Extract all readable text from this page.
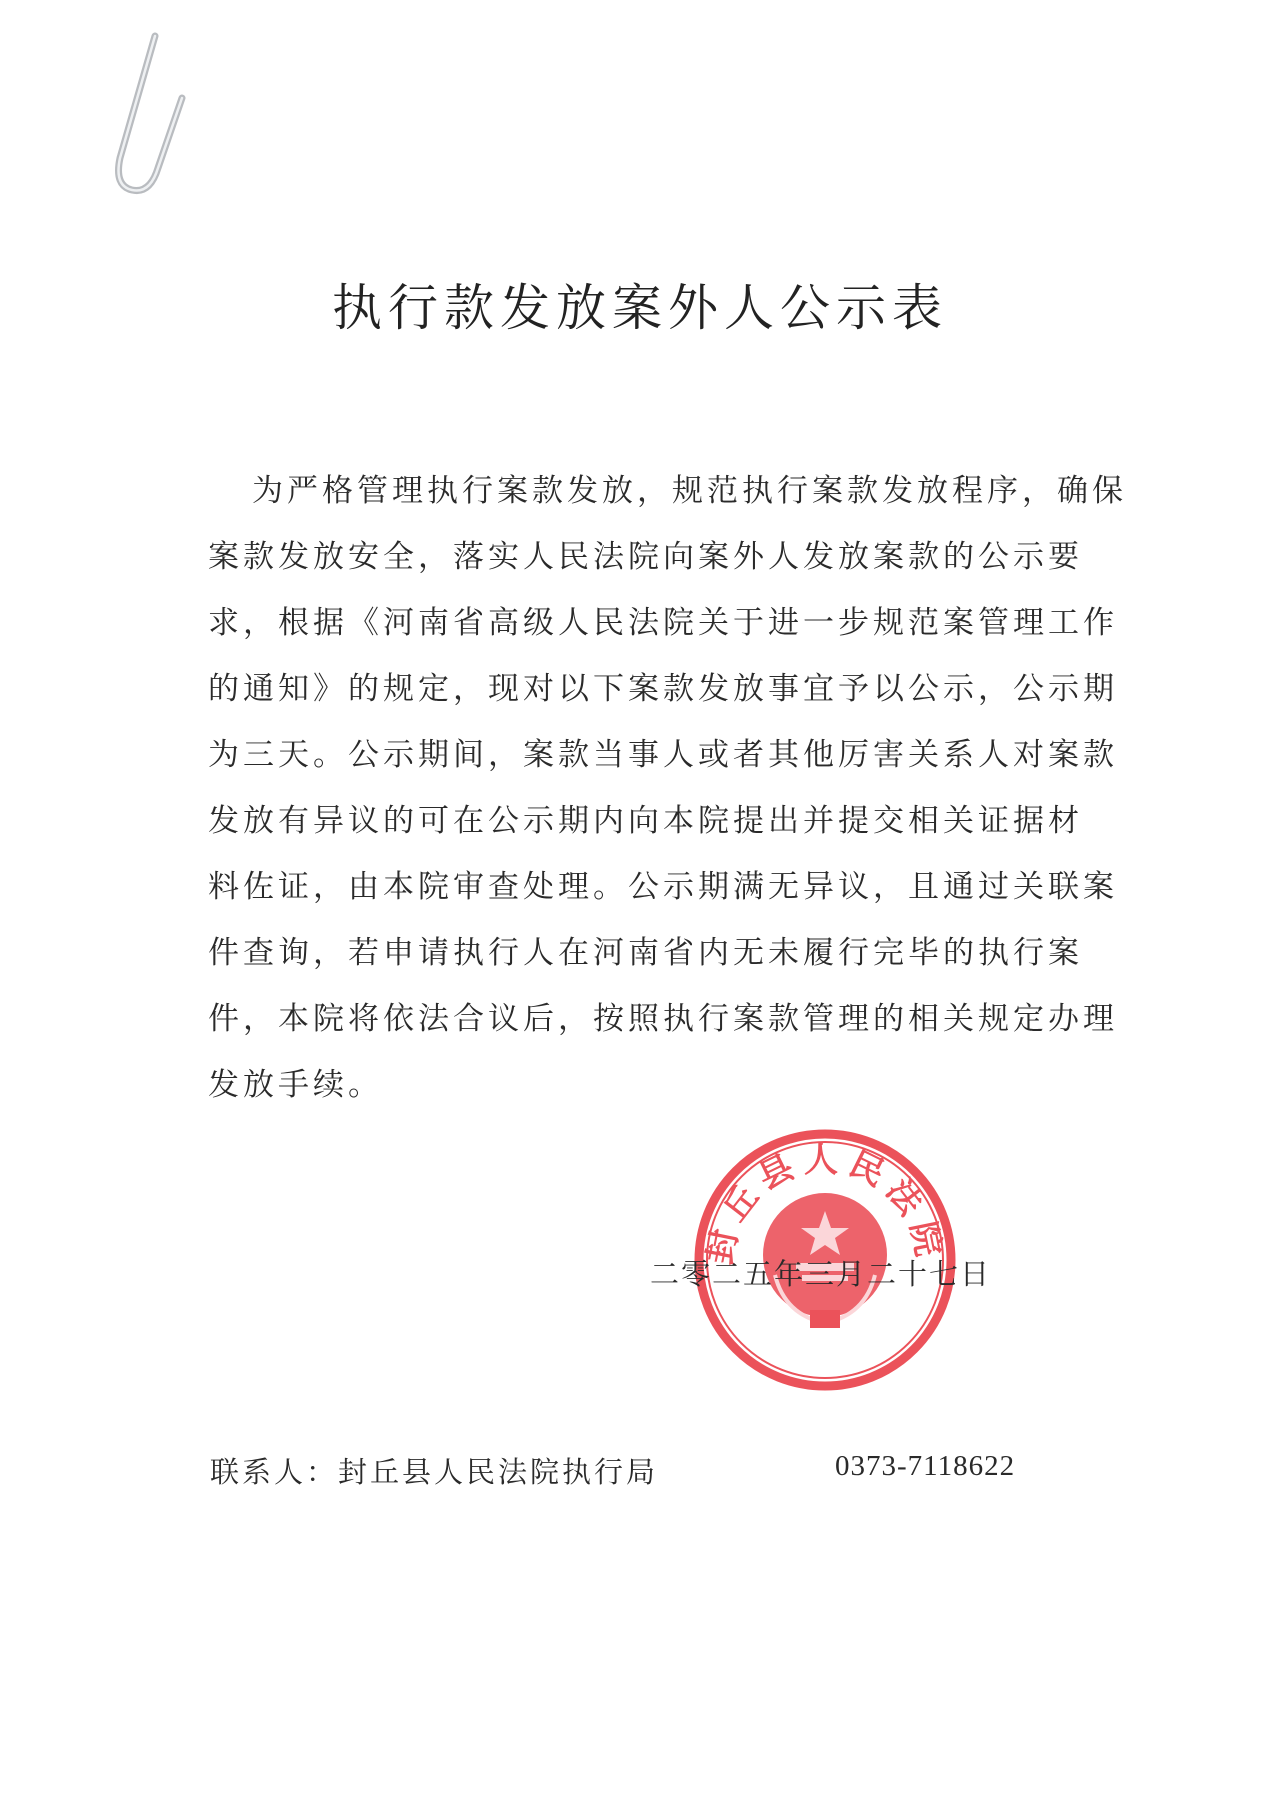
执行款发放案外人公示表
为严格管理执行案款发放，规范执行案款发放程序，确保
案款发放安全，落实人民法院向案外人发放案款的公示要
求，根据《河南省高级人民法院关于进一步规范案管理工作
的通知》的规定，现对以下案款发放事宜予以公示，公示期
为三天。公示期间，案款当事人或者其他厉害关系人对案款
发放有异议的可在公示期内向本院提出并提交相关证据材
料佐证，由本院审查处理。公示期满无异议，且通过关联案
件查询，若申请执行人在河南省内无未履行完毕的执行案
件，本院将依法合议后，按照执行案款管理的相关规定办理
发放手续。
封丘县人民法院
二零二五年三月二十七日
联系人：封丘县人民法院执行局	0373-7118622
